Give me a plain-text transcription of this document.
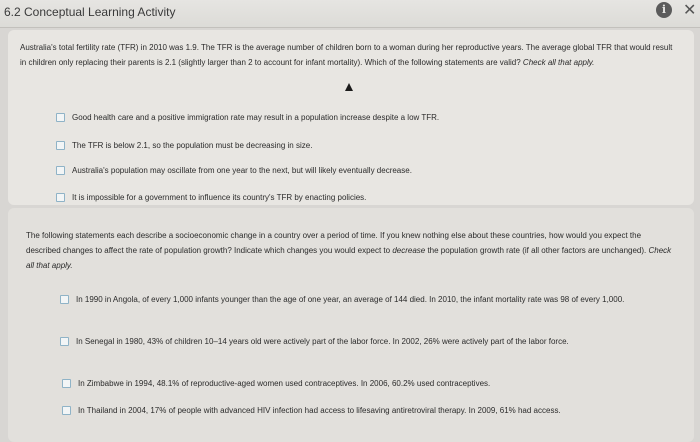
6.2 Conceptual Learning Activity	i	✕
Australia's total fertility rate (TFR) in 2010 was 1.9. The TFR is the average number of children born to a woman during her reproductive years. The average global TFR that would result in children only replacing their parents is 2.1 (slightly larger than 2 to account for infant mortality). Which of the following statements are valid? Check all that apply.
Good health care and a positive immigration rate may result in a population increase despite a low TFR.
The TFR is below 2.1, so the population must be decreasing in size.
Australia's population may oscillate from one year to the next, but will likely eventually decrease.
It is impossible for a government to influence its country's TFR by enacting policies.
The following statements each describe a socioeconomic change in a country over a period of time. If you knew nothing else about these countries, how would you expect the described changes to affect the rate of population growth? Indicate which changes you would expect to decrease the population growth rate (if all other factors are unchanged). Check all that apply.
In 1990 in Angola, of every 1,000 infants younger than the age of one year, an average of 144 died. In 2010, the infant mortality rate was 98 of every 1,000.
In Senegal in 1980, 43% of children 10–14 years old were actively part of the labor force. In 2002, 26% were actively part of the labor force.
In Zimbabwe in 1994, 48.1% of reproductive-aged women used contraceptives. In 2006, 60.2% used contraceptives.
In Thailand in 2004, 17% of people with advanced HIV infection had access to lifesaving antiretroviral therapy. In 2009, 61% had access.
